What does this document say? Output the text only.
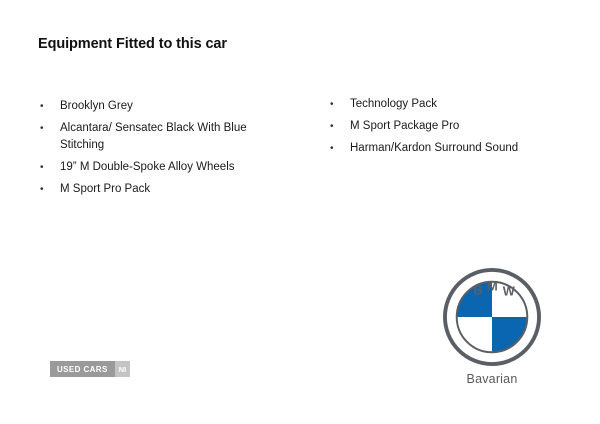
Equipment Fitted to this car
• Brooklyn Grey
• Alcantara/ Sensatec Black With Blue Stitching
• 19” M Double-Spoke Alloy Wheels
• M Sport Pro Pack
• Technology Pack
• M Sport Package Pro
• Harman/Kardon Surround Sound
USED CARS	NI
B M W
Bavarian
